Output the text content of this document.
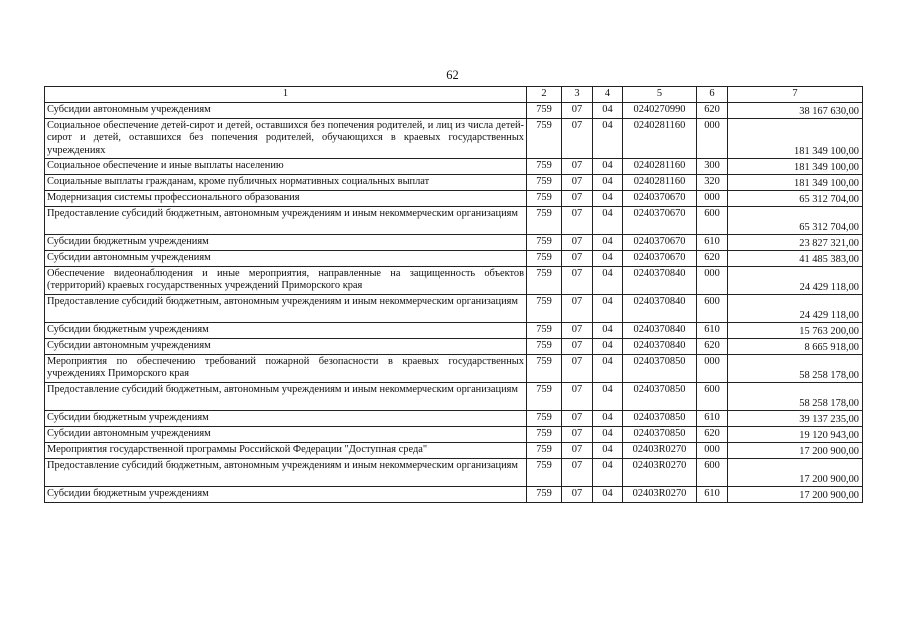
62
1	2	3	4	5	6	7
Субсидии автономным учреждениям	759	07	04	0240270990	620	38 167 630,00
Социальное обеспечение детей-сирот и детей, оставшихся без попечения родителей, и лиц из числа детей-сирот и детей, оставшихся без попечения родителей, обучающихся в краевых государственных учреждениях	759	07	04	0240281160	000	181 349 100,00
Социальное обеспечение и иные выплаты населению	759	07	04	0240281160	300	181 349 100,00
Социальные выплаты гражданам, кроме публичных нормативных социальных выплат	759	07	04	0240281160	320	181 349 100,00
Модернизация системы профессионального образования	759	07	04	0240370670	000	65 312 704,00
Предоставление субсидий бюджетным, автономным учреждениям и иным некоммерческим организациям	759	07	04	0240370670	600	65 312 704,00
Субсидии бюджетным учреждениям	759	07	04	0240370670	610	23 827 321,00
Субсидии автономным учреждениям	759	07	04	0240370670	620	41 485 383,00
Обеспечение видеонаблюдения и иные мероприятия, направленные на защищенность объектов (территорий) краевых государственных учреждений Приморского края	759	07	04	0240370840	000	24 429 118,00
Предоставление субсидий бюджетным, автономным учреждениям и иным некоммерческим организациям	759	07	04	0240370840	600	24 429 118,00
Субсидии бюджетным учреждениям	759	07	04	0240370840	610	15 763 200,00
Субсидии автономным учреждениям	759	07	04	0240370840	620	8 665 918,00
Мероприятия по обеспечению требований пожарной безопасности в краевых государственных учреждениях Приморского края	759	07	04	0240370850	000	58 258 178,00
Предоставление субсидий бюджетным, автономным учреждениям и иным некоммерческим организациям	759	07	04	0240370850	600	58 258 178,00
Субсидии бюджетным учреждениям	759	07	04	0240370850	610	39 137 235,00
Субсидии автономным учреждениям	759	07	04	0240370850	620	19 120 943,00
Мероприятия государственной программы Российской Федерации "Доступная среда"	759	07	04	02403R0270	000	17 200 900,00
Предоставление субсидий бюджетным, автономным учреждениям и иным некоммерческим организациям	759	07	04	02403R0270	600	17 200 900,00
Субсидии бюджетным учреждениям	759	07	04	02403R0270	610	17 200 900,00
